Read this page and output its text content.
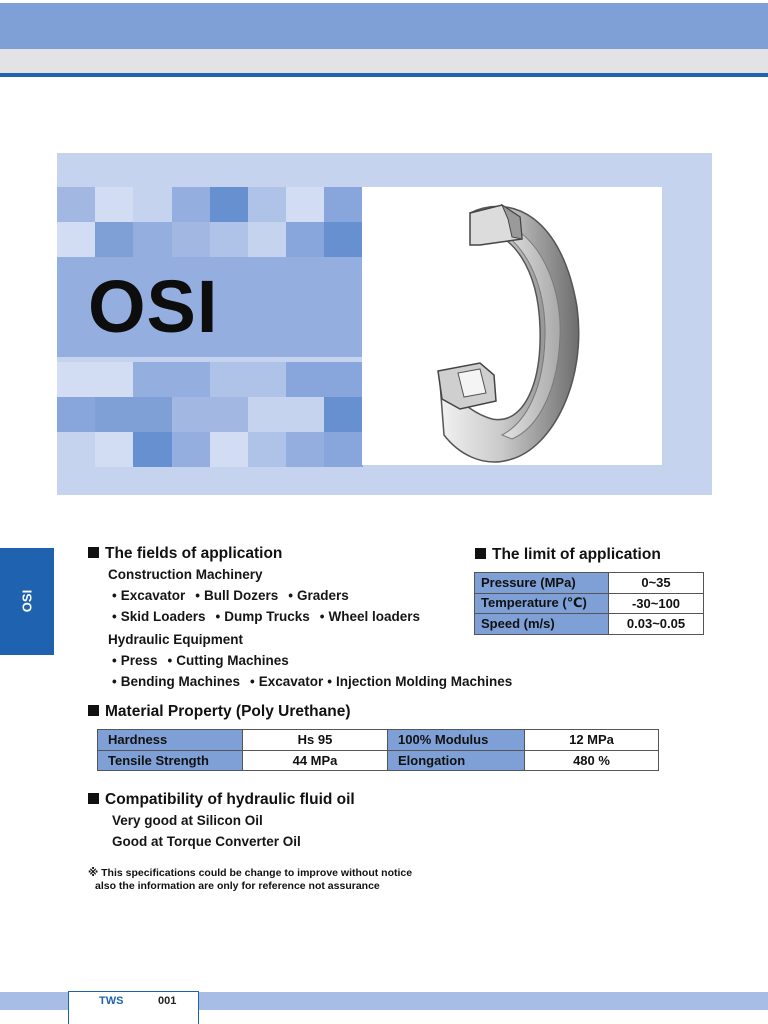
OSI
OSI
The fields of application
Construction Machinery
• Excavator • Bull Dozers • Graders
• Skid Loaders • Dump Trucks • Wheel loaders
Hydraulic Equipment
• Press • Cutting Machines
• Bending Machines • Excavator • Injection Molding Machines
The limit of application
Pressure (MPa)	0~35
Temperature (℃)	-30~100
Speed (m/s)	0.03~0.05
Material Property (Poly Urethane)
Hardness	Hs 95	100% Modulus	12 MPa
Tensile Strength	44 MPa	Elongation	480 %
Compatibility of hydraulic fluid oil
Very good at Silicon Oil
Good at Torque Converter Oil
※ This specifications could be change to improve without notice
also the information are only for reference not assurance
TWS	001
